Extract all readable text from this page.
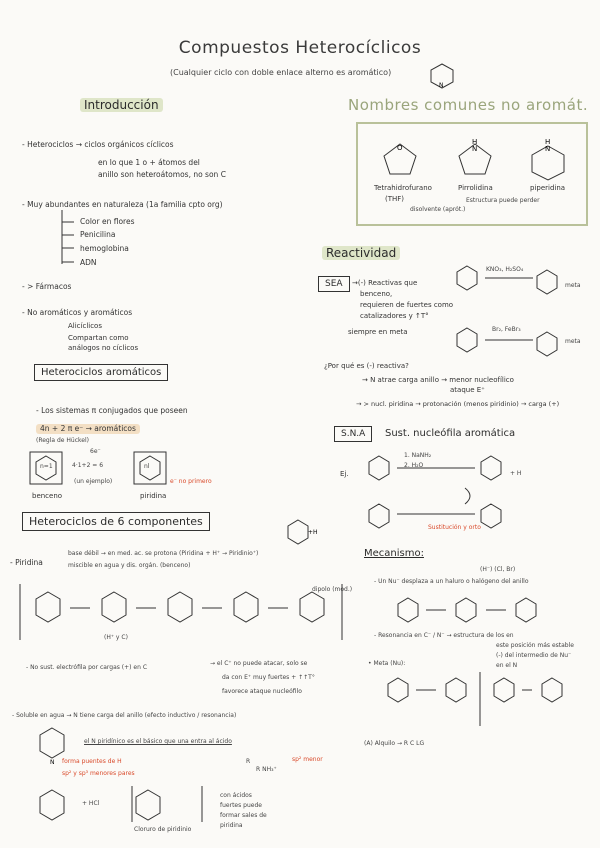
Compuestos Heterocíclicos
(Cualquier ciclo con doble enlace alterno es aromático)
N
Introducción
- Heterociclos → ciclos orgánicos cíclicos
en lo que 1 o + átomos del
anillo son heteroátomos, no son C
- Muy abundantes en naturaleza (1a familia cpto org)
Color en flores
Penicilina
hemoglobina
ADN
- > Fármacos
- No aromáticos y aromáticos
Alicíclicos
Compartan como
análogos no cíclicos
Nombres comunes no aromát.
O
H
N
H
N
Tetrahidrofurano
(THF)
disolvente (aprót.)
Pirrolidina
Estructura puede perder
piperidina
Reactividad
SEA	→(-) Reactivas que
benceno,
requieren de fuertes como
catalizadores y ↑T°
siempre en meta
KNO₃, H₂SO₄
meta
Br₂, FeBr₃
meta
¿Por qué es (-) reactiva?
→ N atrae carga anillo → menor nucleofílico
ataque E⁺
→ > nucl. piridina → protonación (menos piridinio) → carga (+)
S.N.A	Sust. nucleófila aromática
Ej.
1. NaNH₂
2. H₂O
+ H
Sustitución y orto
Mecanismo:
(H⁻) (Cl, Br)
- Un Nu⁻ desplaza a un haluro o halógeno del anillo
- Resonancia en C⁻ / N⁻ → estructura de los en
este posición más estable
(-) del intermedio de Nu⁻
en el N
• Meta (Nu):
(A) Alquilo → R C LG
Heterociclos aromáticos
- Los sistemas π conjugados que poseen
4n + 2 π e⁻ → aromáticos
(Regla de Hückel)
6e⁻
n=1	4·1+2 = 6
(un ejemplo)
nl
e⁻ no primero
benceno	piridina
Heterociclos de 6 componentes
+H
- Piridina
base débil → en med. ac. se protona (Piridina + H⁺ → Piridinio⁺)
miscible en agua y dis. orgán. (benceno)
(H⁺ y C)
dipolo (mod.)
- No sust. electrófila por cargas (+) en C
→ el C⁺ no puede atacar, solo se
da con E⁺ muy fuertes + ↑↑T°
favorece ataque nucleófilo
- Soluble en agua → N tiene carga del anillo (efecto inductivo / resonancia)
N
el N piridínico es el básico que una entra al ácido
forma puentes de H
sp² y sp³ menores pares
R
R NH₃⁺
sp² menor
+ HCl
Cloruro de piridinio
con ácidos
fuertes puede
formar sales de
piridina
